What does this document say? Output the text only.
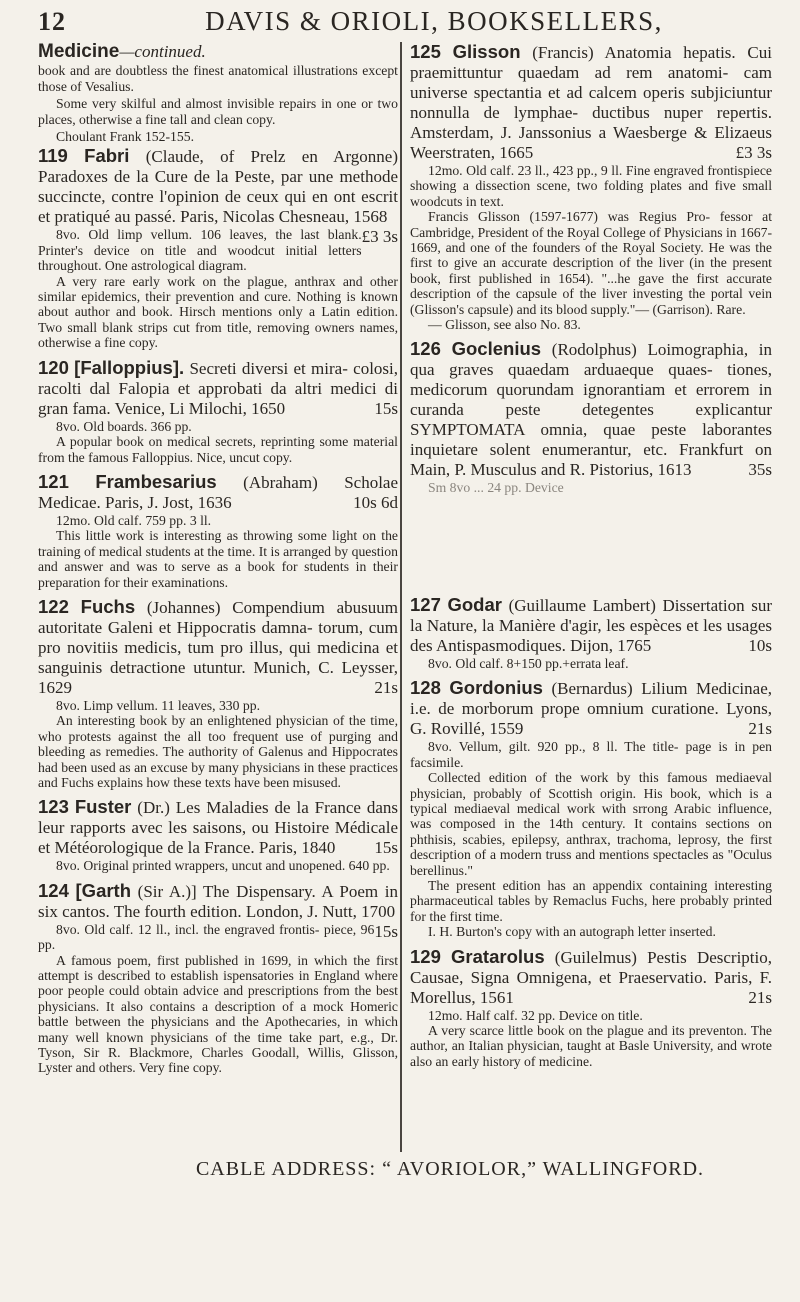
12	DAVIS & ORIOLI, BOOKSELLERS,
Medicine—continued.

book and are doubtless the finest anatomical illustrations except those of Vesalius.

Some very skilful and almost invisible repairs in one or two places, otherwise a fine tall and clean copy.

Choulant Frank 152-155.

119 Fabri (Claude, of Prelz en Argonne) Paradoxes de la Cure de la Peste, par une methode succincte, contre l'opinion de ceux qui en ont escrit et pratiqué au passé. Paris, Nicolas Chesneau, 1568
£3 3s

8vo. Old limp vellum. 106 leaves, the last blank. Printer's device on title and woodcut initial letters throughout. One astrological diagram.

A very rare early work on the plague, anthrax and other similar epidemics, their prevention and cure. Nothing is known about author and book. Hirsch mentions only a Latin edition. Two small blank strips cut from title, removing owners names, otherwise a fine copy.

120 [Falloppius]. Secreti diversi et mira- colosi, racolti dal Falopia et approbati da altri medici di gran fama. Venice, Li Milochi, 1650	15s

8vo. Old boards. 366 pp.

A popular book on medical secrets, reprinting some material from the famous Falloppius. Nice, uncut copy.

121 Frambesarius (Abraham) Scholae Medicae. Paris, J. Jost, 1636	10s 6d

12mo. Old calf. 759 pp. 3 ll.

This little work is interesting as throwing some light on the training of medical students at the time. It is arranged by question and answer and was to serve as a book for students in their preparation for their examinations.

122 Fuchs (Johannes) Compendium abusuum autoritate Galeni et Hippocratis damna- torum, cum pro novitiis medicis, tum pro illus, qui medicina et sanguinis detractione utuntur. Munich, C. Leysser, 1629	21s

8vo. Limp vellum. 11 leaves, 330 pp.

An interesting book by an enlightened physician of the time, who protests against the all too frequent use of purging and bleeding as remedies. The authority of Galenus and Hippocrates had been used as an excuse by many physicians in these practices and Fuchs explains how these texts have been misused.

123 Fuster (Dr.) Les Maladies de la France dans leur rapports avec les saisons, ou Histoire Médicale et Météorologique de la France. Paris, 1840 15s

8vo. Original printed wrappers, uncut and unopened. 640 pp.

124 [Garth (Sir A.)] The Dispensary. A Poem in six cantos. The fourth edition. London, J. Nutt, 1700
15s

8vo. Old calf. 12 ll., incl. the engraved frontis- piece, 96 pp.

A famous poem, first published in 1699, in which the first attempt is described to establish ispensatories in England where poor people could obtain advice and prescriptions from the best physicians. It also contains a description of a mock Homeric battle between the physicians and the Apothecaries, in which many well known physicians of the time take part, e.g., Dr. Tyson, Sir R. Blackmore, Charles Goodall, Willis, Glisson, Lyster and others. Very fine copy.

125 Glisson (Francis) Anatomia hepatis. Cui praemittuntur quaedam ad rem anatomi- cam universe spectantia et ad calcem operis subjiciuntur nonnulla de lymphae- ductibus nuper repertis. Amsterdam, J. Janssonius a Waesberge & Elizaeus Weerstraten, 1665	£3 3s

12mo. Old calf. 23 ll., 423 pp., 9 ll. Fine engraved frontispiece showing a dissection scene, two folding plates and five small woodcuts in text.

Francis Glisson (1597-1677) was Regius Pro- fessor at Cambridge, President of the Royal College of Physicians in 1667-1669, and one of the founders of the Royal Society. He was the first to give an accurate description of the liver (in the present book, first published in 1654). "...he gave the first accurate description of the capsule of the liver investing the portal vein (Glisson's capsule) and its blood supply."— (Garrison). Rare.

— Glisson, see also No. 83.

126 Goclenius (Rodolphus) Loimographia, in qua graves quaedam arduaeque quaes- tiones, medicorum quorundam ignorantiam et errorem in curanda peste detegentes explicantur SYMPTOMATA omnia, quae peste laborantes inquietare solent enumerantur, etc. Frankfurt on Main, P. Musculus and R. Pistorius, 1613	35s

Sm 8vo ... 24 pp. Device

127 Godar (Guillaume Lambert) Dissertation sur la Nature, la Manière d'agir, les espèces et les usages des Antispasmodiques. Dijon, 1765	10s

8vo. Old calf. 8+150 pp.+errata leaf.

128 Gordonius (Bernardus) Lilium Medicinae, i.e. de morborum prope omnium curatione. Lyons, G. Rovillé, 1559	21s

8vo. Vellum, gilt. 920 pp., 8 ll. The title- page is in pen facsimile.

Collected edition of the work by this famous mediaeval physician, probably of Scottish origin. His book, which is a typical mediaeval medical work with srrong Arabic influence, was composed in the 14th century. It contains sections on phthisis, scabies, epilepsy, anthrax, trachoma, leprosy, the first description of a modern truss and mentions spectacles as "Oculus berellinus."

The present edition has an appendix containing interesting pharmaceutical tables by Remaclus Fuchs, here probably printed for the first time.

I. H. Burton's copy with an autograph letter inserted.

129 Gratarolus (Guilelmus) Pestis Descriptio, Causae, Signa Omnigena, et Praeservatio. Paris, F. Morellus, 1561	21s

12mo. Half calf. 32 pp. Device on title.

A very scarce little book on the plague and its preventon. The author, an Italian physician, taught at Basle University, and wrote also an early history of medicine.

CABLE ADDRESS: “ AVORIOLOR,” WALLINGFORD.
